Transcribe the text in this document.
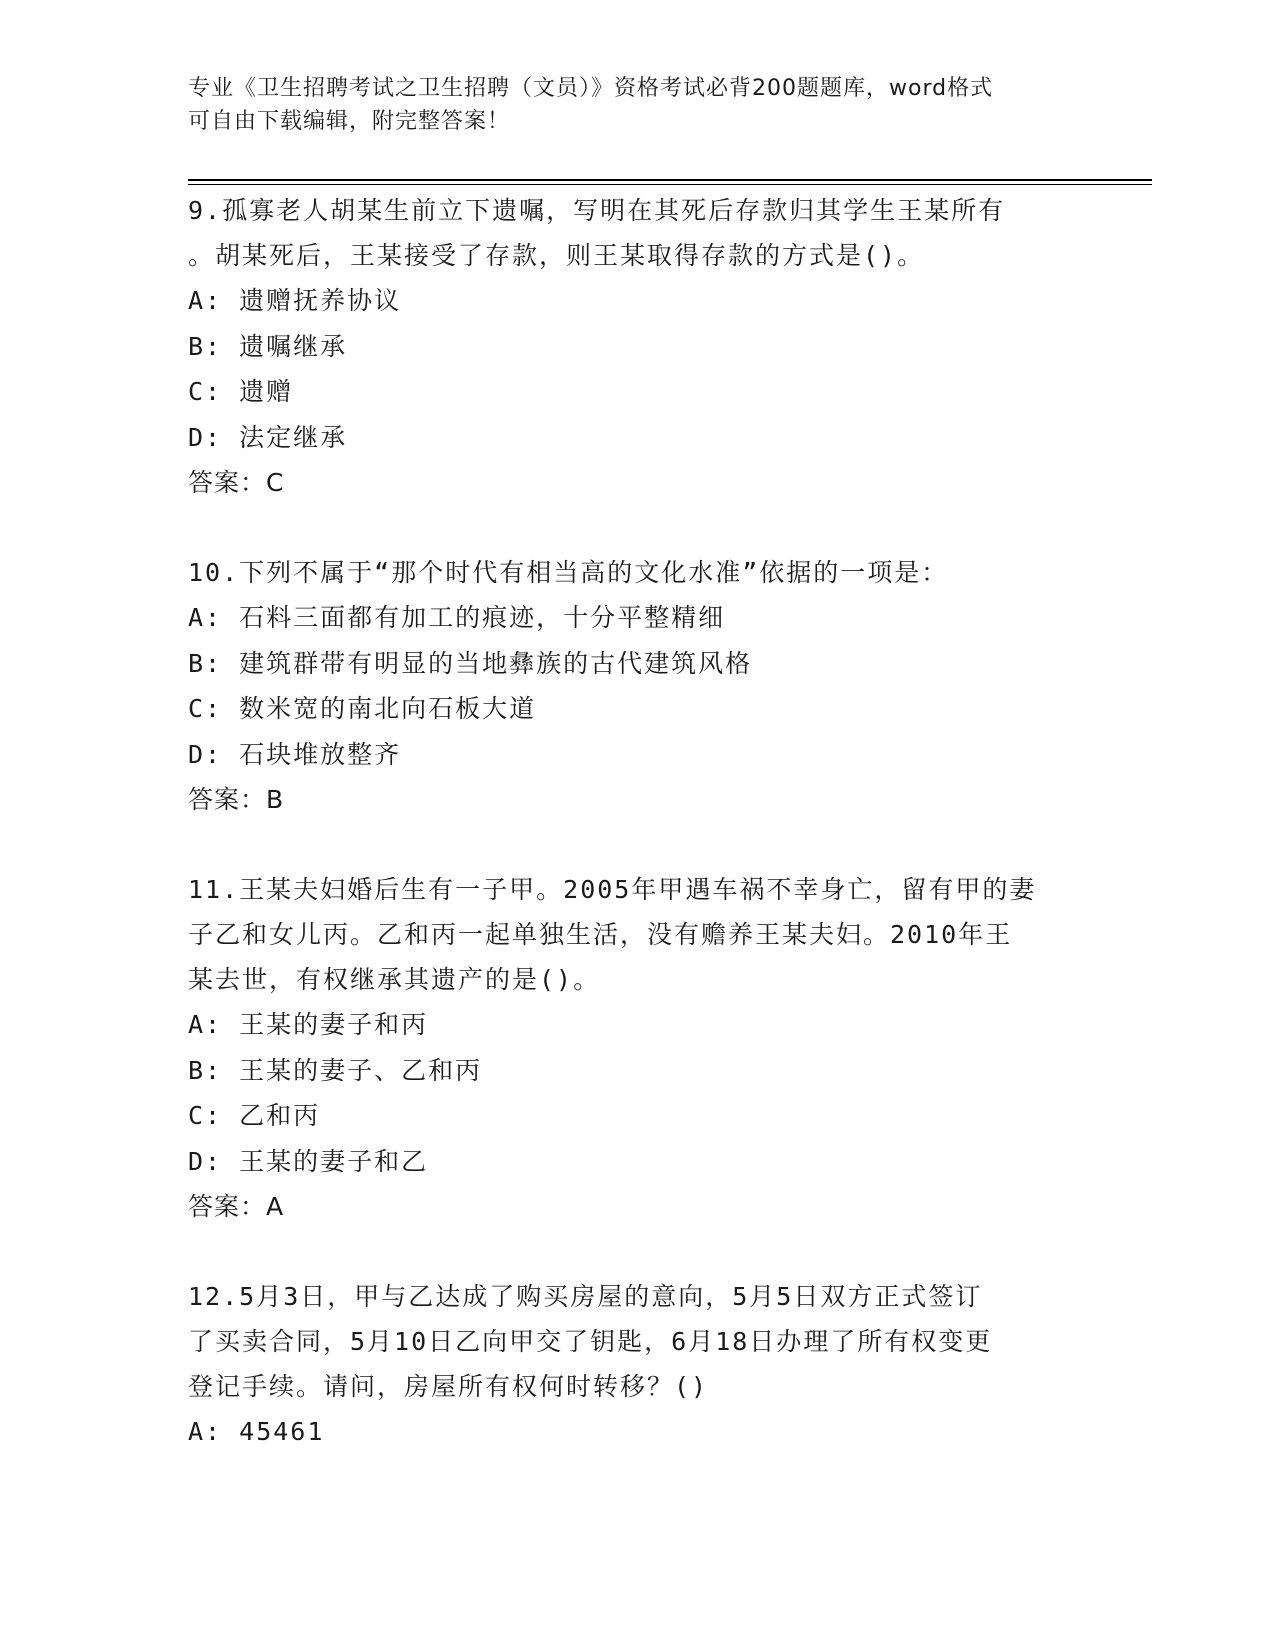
专业《卫生招聘考试之卫生招聘（文员）》资格考试必背200题题库，word格式
可自由下载编辑，附完整答案！
9.孤寡老人胡某生前立下遗嘱，写明在其死后存款归其学生王某所有
。胡某死后，王某接受了存款，则王某取得存款的方式是()。
A: 遗赠抚养协议
B: 遗嘱继承
C: 遗赠
D: 法定继承
答案：C
10.下列不属于“那个时代有相当高的文化水准”依据的一项是：
A: 石料三面都有加工的痕迹，十分平整精细
B: 建筑群带有明显的当地彝族的古代建筑风格
C: 数米宽的南北向石板大道
D: 石块堆放整齐
答案：B
11.王某夫妇婚后生有一子甲。2005年甲遇车祸不幸身亡，留有甲的妻
子乙和女儿丙。乙和丙一起单独生活，没有赡养王某夫妇。2010年王
某去世，有权继承其遗产的是()。
A: 王某的妻子和丙
B: 王某的妻子、乙和丙
C: 乙和丙
D: 王某的妻子和乙
答案：A
12.5月3日，甲与乙达成了购买房屋的意向，5月5日双方正式签订
了买卖合同，5月10日乙向甲交了钥匙，6月18日办理了所有权变更
登记手续。请问，房屋所有权何时转移？()
A: 45461
